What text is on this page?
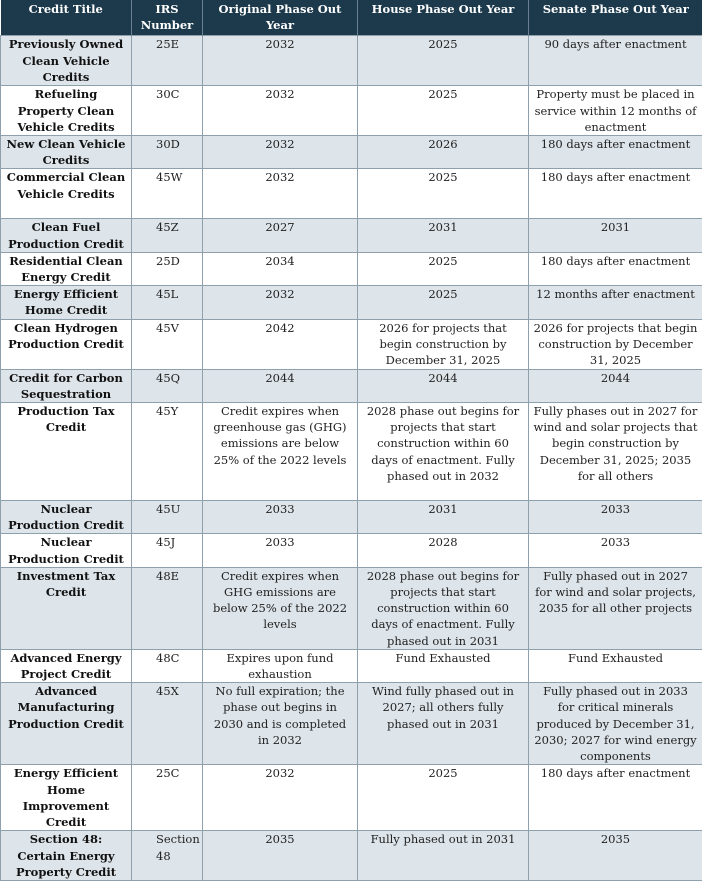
Credit Title	IRS Number	Original Phase Out Year	House Phase Out Year	Senate Phase Out Year
Previously Owned Clean Vehicle Credits	25E	2032	2025	90 days after enactment
Refueling Property Clean Vehicle Credits	30C	2032	2025	Property must be placed in service within 12 months of enactment
New Clean Vehicle Credits	30D	2032	2026	180 days after enactment
Commercial Clean Vehicle Credits	45W	2032	2025	180 days after enactment
Clean Fuel Production Credit	45Z	2027	2031	2031
Residential Clean Energy Credit	25D	2034	2025	180 days after enactment
Energy Efficient Home Credit	45L	2032	2025	12 months after enactment
Clean Hydrogen Production Credit	45V	2042	2026 for projects that begin construction by December 31, 2025	2026 for projects that begin construction by December 31, 2025
Credit for Carbon Sequestration	45Q	2044	2044	2044
Production Tax Credit	45Y	Credit expires when greenhouse gas (GHG) emissions are below 25% of the 2022 levels	2028 phase out begins for projects that start construction within 60 days of enactment. Fully phased out in 2032	Fully phases out in 2027 for wind and solar projects that begin construction by December 31, 2025; 2035 for all others
Nuclear Production Credit	45U	2033	2031	2033
Nuclear Production Credit	45J	2033	2028	2033
Investment Tax Credit	48E	Credit expires when GHG emissions are below 25% of the 2022 levels	2028 phase out begins for projects that start construction within 60 days of enactment. Fully phased out in 2031	Fully phased out in 2027 for wind and solar projects, 2035 for all other projects
Advanced Energy Project Credit	48C	Expires upon fund exhaustion	Fund Exhausted	Fund Exhausted
Advanced Manufacturing Production Credit	45X	No full expiration; the phase out begins in 2030 and is completed in 2032	Wind fully phased out in 2027; all others fully phased out in 2031	Fully phased out in 2033 for critical minerals produced by December 31, 2030; 2027 for wind energy components
Energy Efficient Home Improvement Credit	25C	2032	2025	180 days after enactment
Section 48: Certain Energy Property Credit	Section 48	2035	Fully phased out in 2031	2035
